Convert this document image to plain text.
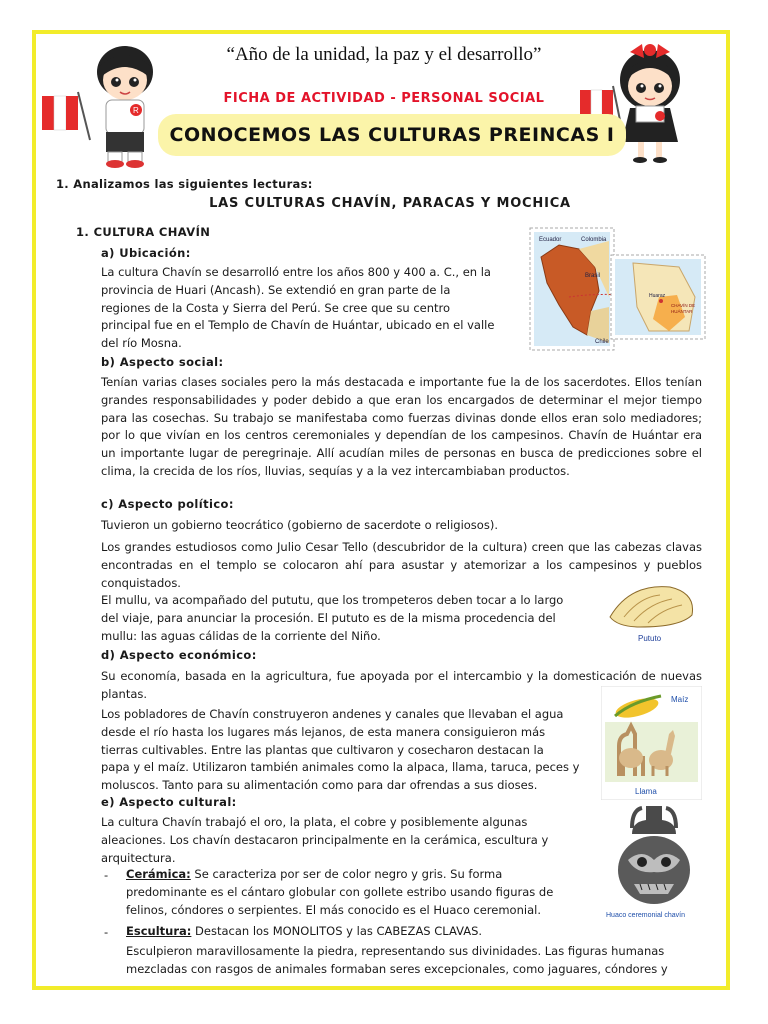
R
“Año de la unidad, la paz y el desarrollo”
FICHA DE ACTIVIDAD - PERSONAL SOCIAL
CONOCEMOS LAS CULTURAS PREINCAS I
1. Analizamos las siguientes lecturas:
LAS CULTURAS CHAVÍN, PARACAS Y MOCHICA
1. CULTURA CHAVÍN
a) Ubicación:
La cultura Chavín se desarrolló entre los años 800 y 400 a. C., en la
provincia de Huari (Ancash). Se extendió en gran parte de la
regiones de la Costa y Sierra del Perú. Se cree que su centro
principal fue en el Templo de Chavín de Huántar, ubicado en el valle
del río Mosna.
Ecuador	Colombia
Brasil
Chile
Huaraz
CHAVÍN DE
HUÁNTAR
b) Aspecto social:
Tenían varias clases sociales pero la más destacada e importante fue la de los sacerdotes. Ellos tenían grandes responsabilidades y poder debido a que eran los encargados de determinar el mejor tiempo para las cosechas. Su trabajo se manifestaba como fuerzas divinas donde ellos eran solo mediadores; por lo que vivían en los centros ceremoniales y dependían de los campesinos. Chavín de Huántar era un importante lugar de peregrinaje. Allí acudían miles de personas en busca de predicciones sobre el clima, la crecida de los ríos, lluvias, sequías y a la vez intercambiaban productos.
c) Aspecto político:
Tuvieron un gobierno teocrático (gobierno de sacerdote o religiosos).
Los grandes estudiosos como Julio Cesar Tello (descubridor de la cultura) creen que las cabezas clavas encontradas en el templo se colocaron ahí para asustar y atemorizar a los campesinos y pueblos conquistados.
El mullu, va acompañado del pututu, que los trompeteros deben tocar a lo largo
del viaje, para anunciar la procesión. El pututo es de la misma procedencia del
mullu: las aguas cálidas de la corriente del Niño.	Pututo
d) Aspecto económico:
Su economía, basada en la agricultura, fue apoyada por el intercambio y la domesticación de nuevas plantas.
Los pobladores de Chavín construyeron andenes y canales que llevaban el agua
desde el río hasta los lugares más lejanos, de esta manera consiguieron más
tierras cultivables. Entre las plantas que cultivaron y cosecharon destacan la
papa y el maíz. Utilizaron también animales como la alpaca, llama, taruca, peces y
moluscos. Tanto para su alimentación como para dar ofrendas a sus dioses.
Maíz
Llama
e) Aspecto cultural:
La cultura Chavín trabajó el oro, la plata, el cobre y posiblemente algunas
aleaciones. Los chavín destacaron principalmente en la cerámica, escultura y
arquitectura.
- Cerámica: Se caracteriza por ser de color negro y gris. Su forma
predominante es el cántaro globular con gollete estribo usando figuras de
felinos, cóndores o serpientes. El más conocido es el Huaco ceremonial.
- Escultura: Destacan los MONOLITOS y las CABEZAS CLAVAS.
Esculpieron maravillosamente la piedra, representando sus divinidades. Las figuras humanas
mezcladas con rasgos de animales formaban seres excepcionales, como jaguares, cóndores y
Huaco ceremonial chavín
